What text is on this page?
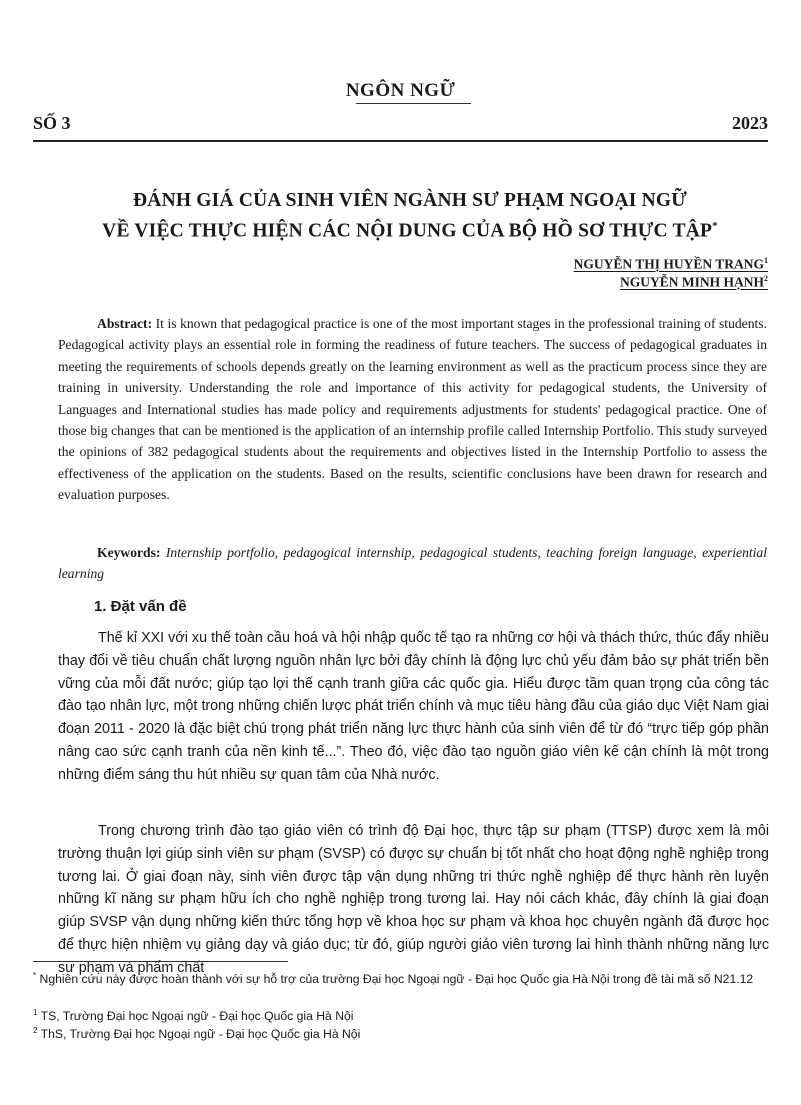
NGÔN NGỮ
SỐ 3	2023
ĐÁNH GIÁ CỦA SINH VIÊN NGÀNH SƯ PHẠM NGOẠI NGỮ
VỀ VIỆC THỰC HIỆN CÁC NỘI DUNG CỦA BỘ HỒ SƠ THỰC TẬP*
NGUYỄN THỊ HUYỀN TRANG$^1$
NGUYỄN MINH HẠNH$^2$
Abstract: It is known that pedagogical practice is one of the most important stages in the professional training of students. Pedagogical activity plays an essential role in forming the readiness of future teachers. The success of pedagogical graduates in meeting the requirements of schools depends greatly on the learning environment as well as the practicum process since they are training in university. Understanding the role and importance of this activity for pedagogical students, the University of Languages and International studies has made policy and requirements adjustments for students' pedagogical practice. One of those big changes that can be mentioned is the application of an internship profile called Internship Portfolio. This study surveyed the opinions of 382 pedagogical students about the requirements and objectives listed in the Internship Portfolio to assess the effectiveness of the application on the students. Based on the results, scientific conclusions have been drawn for research and evaluation purposes.
Keywords: Internship portfolio, pedagogical internship, pedagogical students, teaching foreign language, experiential learning
1. Đặt vấn đề
Thế kỉ XXI với xu thế toàn cầu hoá và hội nhập quốc tế tạo ra những cơ hội và thách thức, thúc đẩy nhiều thay đổi về tiêu chuẩn chất lượng nguồn nhân lực bởi đây chính là động lực chủ yếu đảm bảo sự phát triển bền vững của mỗi đất nước; giúp tạo lợi thế cạnh tranh giữa các quốc gia. Hiểu được tầm quan trọng của công tác đào tạo nhân lực, một trong những chiến lược phát triển chính và mục tiêu hàng đầu của giáo dục Việt Nam giai đoạn 2011 - 2020 là đặc biệt chú trọng phát triển năng lực thực hành của sinh viên để từ đó “trực tiếp góp phần nâng cao sức cạnh tranh của nền kinh tế...”. Theo đó, việc đào tạo nguồn giáo viên kế cận chính là một trong những điểm sáng thu hút nhiều sự quan tâm của Nhà nước.
Trong chương trình đào tạo giáo viên có trình độ Đại học, thực tập sư phạm (TTSP) được xem là môi trường thuận lợi giúp sinh viên sư phạm (SVSP) có được sự chuẩn bị tốt nhất cho hoạt động nghề nghiệp trong tương lai. Ở giai đoạn này, sinh viên được tập vận dụng những tri thức nghề nghiệp để thực hành rèn luyện những kĩ năng sư phạm hữu ích cho nghề nghiệp trong tương lai. Hay nói cách khác, đây chính là giai đoạn giúp SVSP vận dụng những kiến thức tổng hợp về khoa học sư phạm và khoa học chuyên ngành đã được học để thực hiện nhiệm vụ giảng dạy và giáo dục; từ đó, giúp người giáo viên tương lai hình thành những năng lực sư phạm và phẩm chất
* Nghiên cứu này được hoàn thành với sự hỗ trợ của trường Đại học Ngoại ngữ - Đại học Quốc gia Hà Nội trong đề tài mã số N21.12
$^1$ TS, Trường Đại học Ngoại ngữ - Đại học Quốc gia Hà Nội
$^2$ ThS, Trường Đại học Ngoại ngữ - Đại học Quốc gia Hà Nội
